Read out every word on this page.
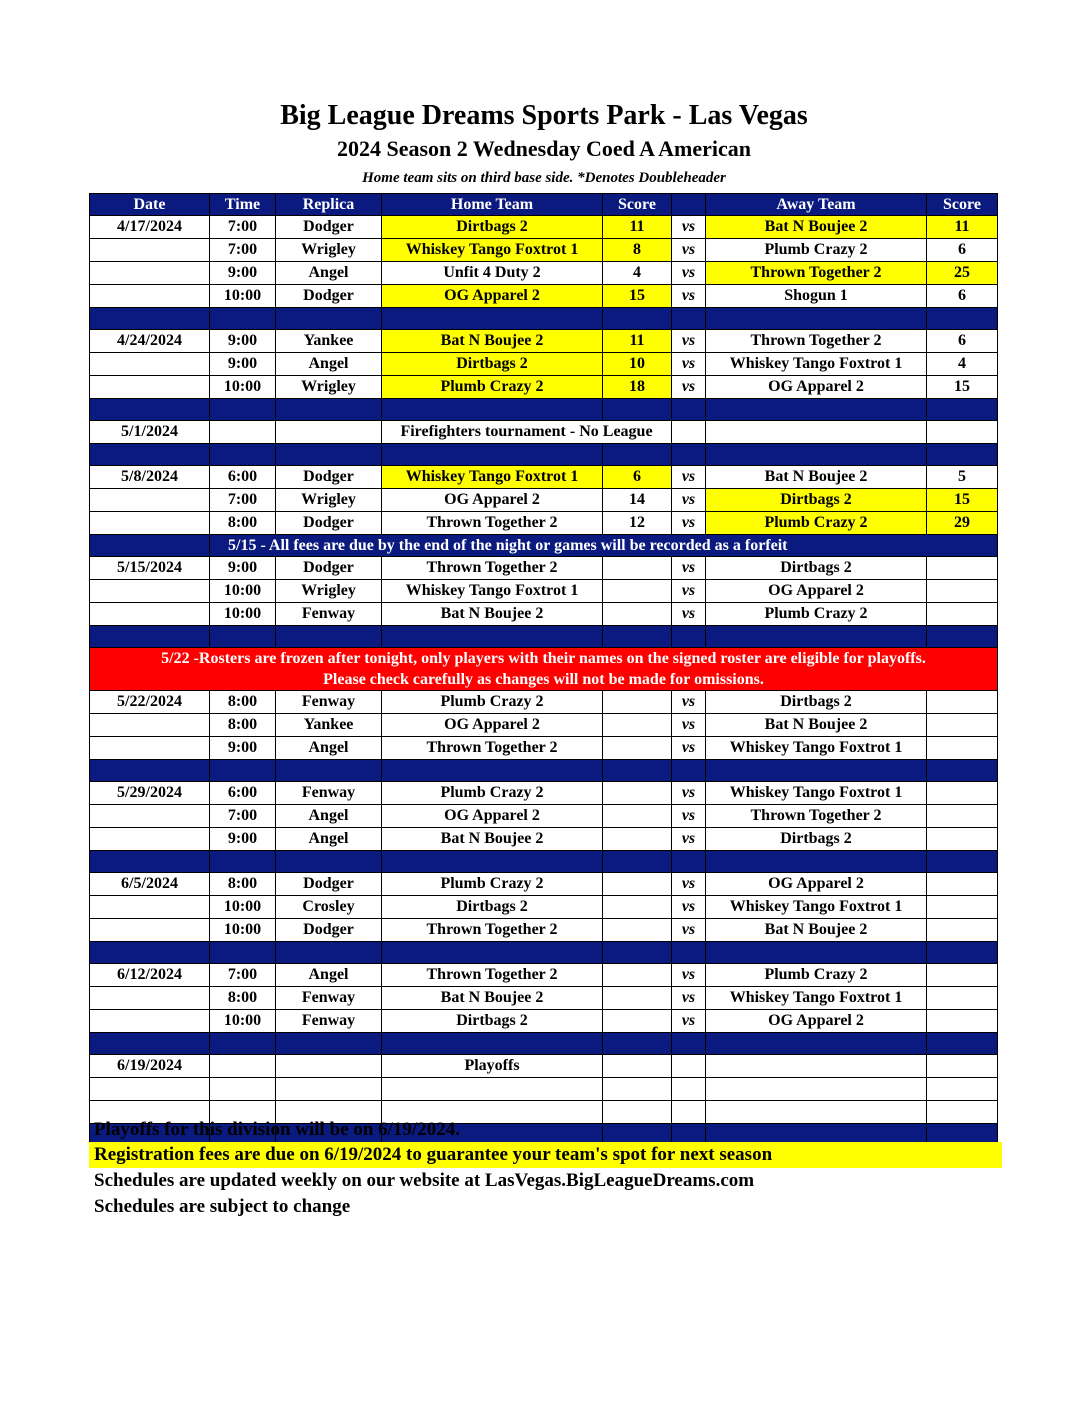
Big League Dreams Sports Park - Las Vegas
2024 Season 2 Wednesday Coed A American
Home team sits on third base side. *Denotes Doubleheader
Date	Time	Replica	Home Team	Score		Away Team	Score
4/17/2024	7:00	Dodger	Dirtbags 2	11	vs	Bat N Boujee 2	11
	7:00	Wrigley	Whiskey Tango Foxtrot 1	8	vs	Plumb Crazy 2	6
	9:00	Angel	Unfit 4 Duty 2	4	vs	Thrown Together 2	25
	10:00	Dodger	OG Apparel 2	15	vs	Shogun 1	6

4/24/2024	9:00	Yankee	Bat N Boujee 2	11	vs	Thrown Together 2	6
	9:00	Angel	Dirtbags 2	10	vs	Whiskey Tango Foxtrot 1	4
	10:00	Wrigley	Plumb Crazy 2	18	vs	OG Apparel 2	15

5/1/2024			Firefighters tournament - No League				

5/8/2024	6:00	Dodger	Whiskey Tango Foxtrot 1	6	vs	Bat N Boujee 2	5
	7:00	Wrigley	OG Apparel 2	14	vs	Dirtbags 2	15
	8:00	Dodger	Thrown Together 2	12	vs	Plumb Crazy 2	29
	5/15 - All fees are due by the end of the night or games will be recorded as a forfeit						
5/15/2024	9:00	Dodger	Thrown Together 2		vs	Dirtbags 2	
	10:00	Wrigley	Whiskey Tango Foxtrot 1		vs	OG Apparel 2	
	10:00	Fenway	Bat N Boujee 2		vs	Plumb Crazy 2	

5/22 -Rosters are frozen after tonight, only players with their names on the signed roster are eligible for playoffs.
Please check carefully as changes will not be made for omissions.							

5/22/2024	8:00	Fenway	Plumb Crazy 2		vs	Dirtbags 2	
	8:00	Yankee	OG Apparel 2		vs	Bat N Boujee 2	
	9:00	Angel	Thrown Together 2		vs	Whiskey Tango Foxtrot 1	

5/29/2024	6:00	Fenway	Plumb Crazy 2		vs	Whiskey Tango Foxtrot 1	
	7:00	Angel	OG Apparel 2		vs	Thrown Together 2	
	9:00	Angel	Bat N Boujee 2		vs	Dirtbags 2	

6/5/2024	8:00	Dodger	Plumb Crazy 2		vs	OG Apparel 2	
	10:00	Crosley	Dirtbags 2		vs	Whiskey Tango Foxtrot 1	
	10:00	Dodger	Thrown Together 2		vs	Bat N Boujee 2	

6/12/2024	7:00	Angel	Thrown Together 2		vs	Plumb Crazy 2	
	8:00	Fenway	Bat N Boujee 2		vs	Whiskey Tango Foxtrot 1	
	10:00	Fenway	Dirtbags 2		vs	OG Apparel 2	

6/19/2024			Playoffs				

Playoffs for this division will be on 6/19/2024.
Registration fees are due on 6/19/2024 to guarantee your team's spot for next season
Schedules are updated weekly on our website at LasVegas.BigLeagueDreams.com
Schedules are subject to change
